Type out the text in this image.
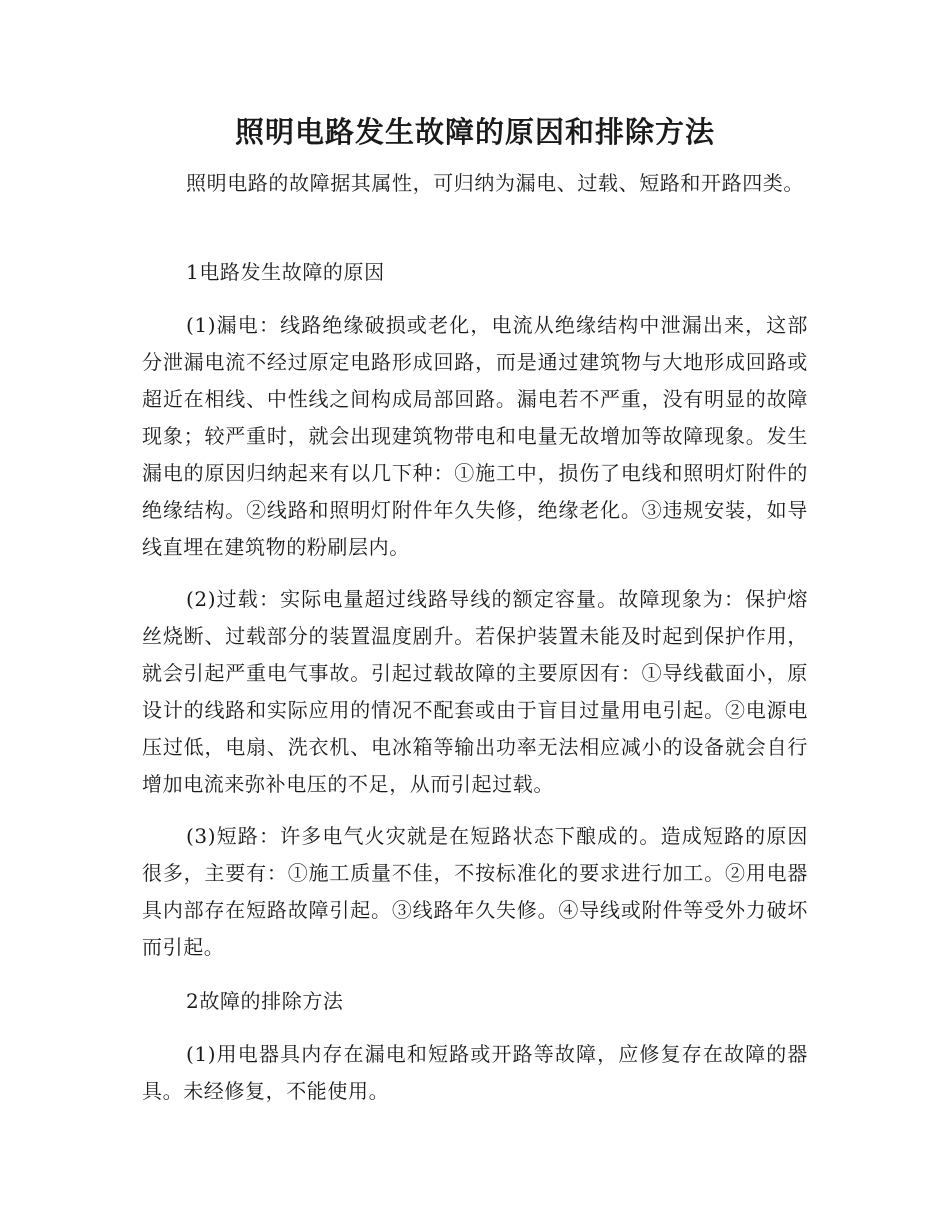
照明电路发生故障的原因和排除方法

照明电路的故障据其属性，可归纳为漏电、过载、短路和开路四类。

1电路发生故障的原因

(1)漏电：线路绝缘破损或老化，电流从绝缘结构中泄漏出来，这部分泄漏电流不经过原定电路形成回路，而是通过建筑物与大地形成回路或超近在相线、中性线之间构成局部回路。漏电若不严重，没有明显的故障现象；较严重时，就会出现建筑物带电和电量无故增加等故障现象。发生漏电的原因归纳起来有以几下种：①施工中，损伤了电线和照明灯附件的绝缘结构。②线路和照明灯附件年久失修，绝缘老化。③违规安装，如导线直埋在建筑物的粉刷层内。

(2)过载：实际电量超过线路导线的额定容量。故障现象为：保护熔丝烧断、过载部分的装置温度剧升。若保护装置未能及时起到保护作用，就会引起严重电气事故。引起过载故障的主要原因有：①导线截面小，原设计的线路和实际应用的情况不配套或由于盲目过量用电引起。②电源电压过低，电扇、洗衣机、电冰箱等输出功率无法相应减小的设备就会自行增加电流来弥补电压的不足，从而引起过载。

(3)短路：许多电气火灾就是在短路状态下酿成的。造成短路的原因很多，主要有：①施工质量不佳，不按标准化的要求进行加工。②用电器具内部存在短路故障引起。③线路年久失修。④导线或附件等受外力破坏而引起。

2故障的排除方法

(1)用电器具内存在漏电和短路或开路等故障，应修复存在故障的器具。未经修复，不能使用。
